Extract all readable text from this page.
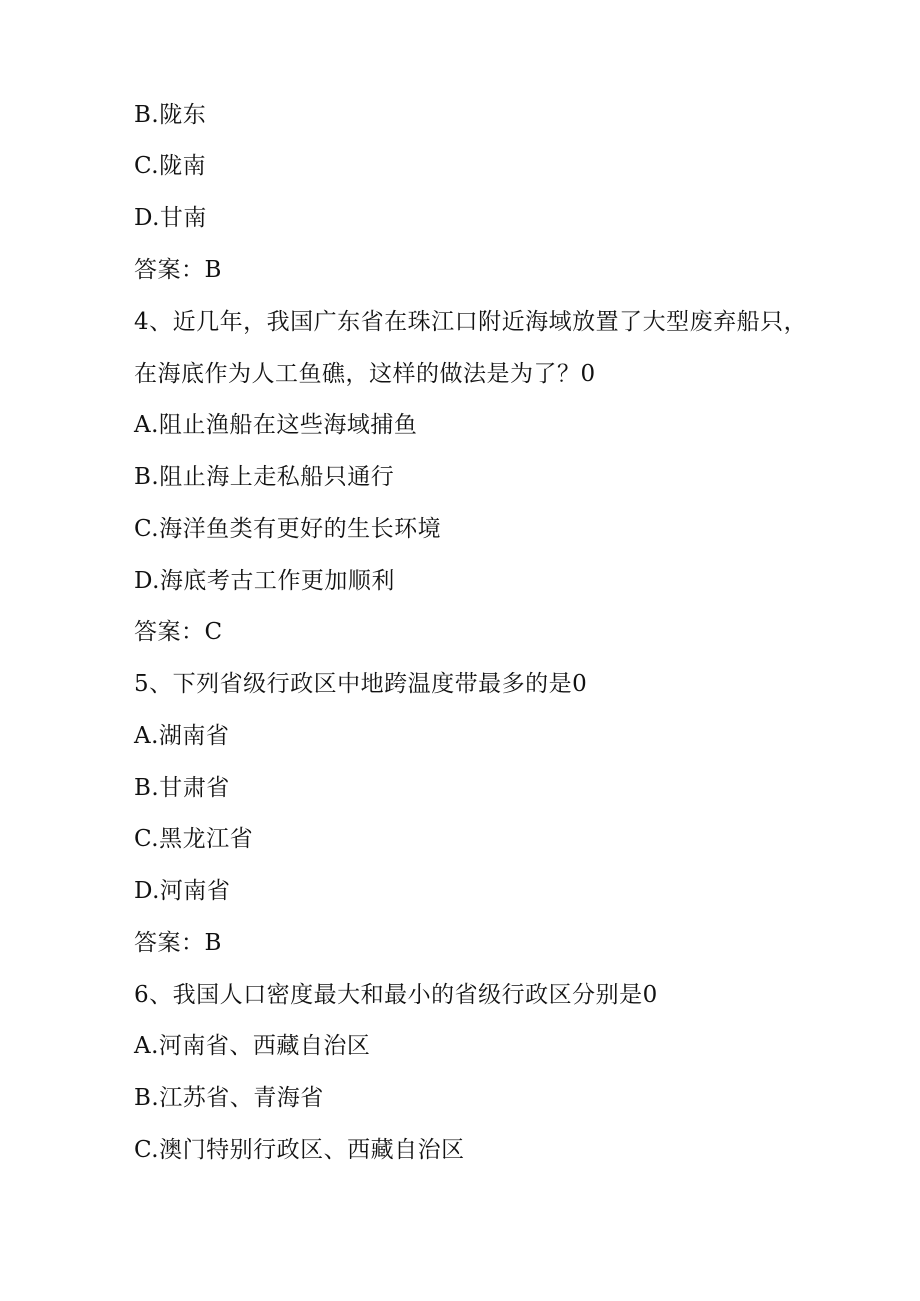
B.陇东
C.陇南
D.甘南
答案：B
4、近几年，我国广东省在珠江口附近海域放置了大型废弃船只，
在海底作为人工鱼礁，这样的做法是为了？0
A.阻止渔船在这些海域捕鱼
B.阻止海上走私船只通行
C.海洋鱼类有更好的生长环境
D.海底考古工作更加顺利
答案：C
5、下列省级行政区中地跨温度带最多的是0
A.湖南省
B.甘肃省
C.黑龙江省
D.河南省
答案：B
6、我国人口密度最大和最小的省级行政区分别是0
A.河南省、西藏自治区
B.江苏省、青海省
C.澳门特别行政区、西藏自治区
